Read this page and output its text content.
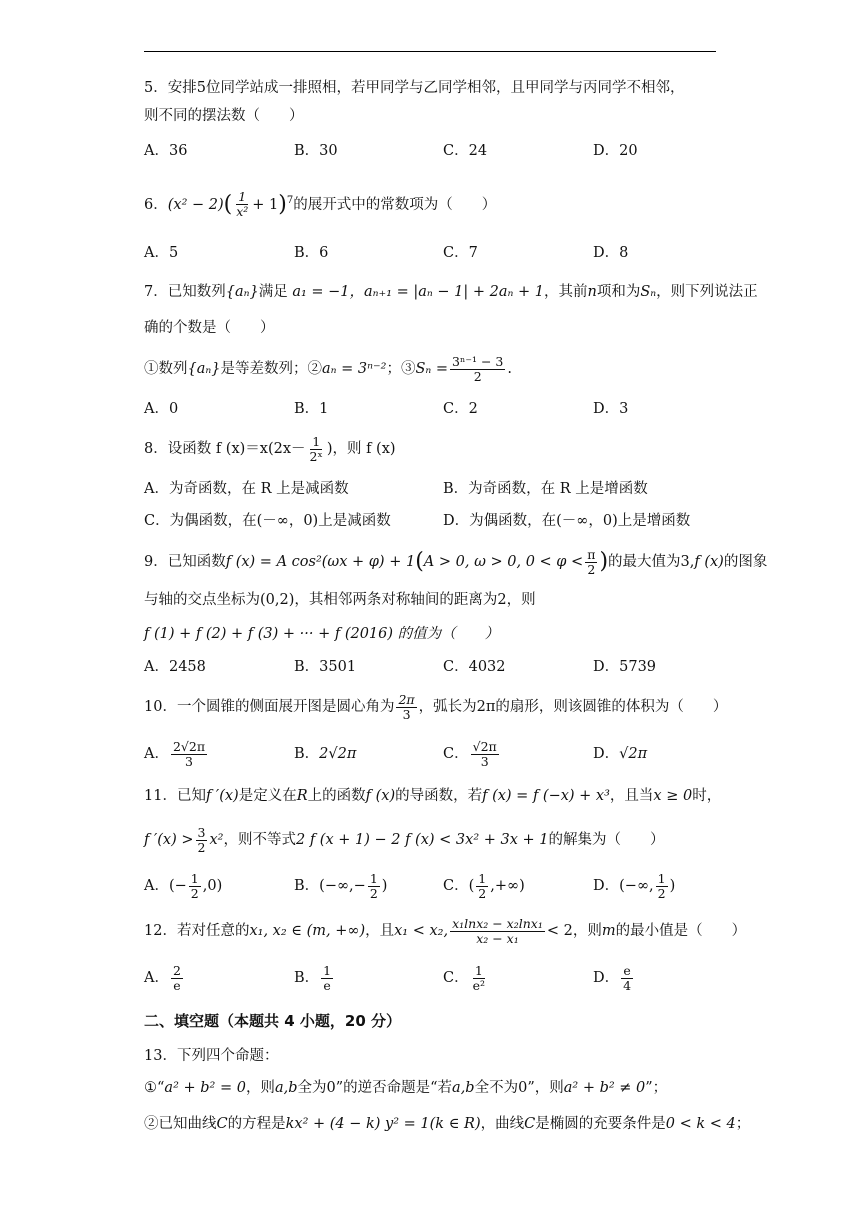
5．安排5位同学站成一排照相，若甲同学与乙同学相邻，且甲同学与丙同学不相邻，
则不同的摆法数（　　）
A．36	B．30	C．24	D．20
6．$(x^2 - 2)( \frac{1}{\text{x²}} + 1)^7$的展开式中的常数项为（　　）
A．5	B．6	C．7	D．8
7．已知数列{aₙ}满足 a₁ = −1，aₙ₊₁ = |aₙ − 1| + 2aₙ + 1，其前n项和为Sₙ，则下列说法正
确的个数是（　　）
①数列{aₙ}是等差数列；②aₙ = 3ⁿ⁻²；③Sₙ = $\frac{\text{3ⁿ⁻¹ − 3}}{2}$ .
A．0	B．1	C．2	D．3
8．设函数 f $(x)=x(2x- \frac{1}{\text{2ˣ}}$ )，则 f (x)
A．为奇函数，在 R 上是减函数	B．为奇函数，在 R 上是增函数
C．为偶函数，在(－∞，0)上是减函数	D．为偶函数，在(－∞，0)上是增函数
9．已知函数f (x) = A cos²(ωx + φ) + 1(A > 0, ω > 0, $0 < \varphi < \frac{\pi}{2}$ )的最大值为3,f (x)的图象
与轴的交点坐标为(0,2)，其相邻两条对称轴间的距离为2，则
f (1) + f (2) + f (3) + ··· + f (2016) 的值为（　　）
A．2458	B．3501	C．4032	D．5739
10．一个圆锥的侧面展开图是圆心角为 $\frac{2\pi}{3}$ ，弧长为2π的扇形，则该圆锥的体积为（　　）
A． $\frac{2√2\pi}{3}$	B．2√2π	C． $\frac{√2\pi}{3}$	D．√2π
11．已知f ′(x)是定义在R上的函数f (x)的导函数，若f (x) = f (−x) + x³，且当x ≥ 0时，
f $'(x) > \frac{3}{2} x^2$，则不等式2 f (x + 1) − 2 f (x) < 3x² + 3x + 1的解集为（　　）
A．(− $\frac{1}{2} ,0$)	B．(−∞,− $\frac{1}{2}$ )	C．( $\frac{1}{2}$ ,+∞)	D．(−∞, $\frac{1}{2}$ )
12．若对任意的x₁, x₂ ∈ (m, +∞)，且x₁ < x₂, $\frac{\text{x₁lnx₂ − x₂lnx₁}}{\text{x₂ − x₁}} < 2$，则m的最小值是（　　）
A． $\frac{2}{e}$	B． $\frac{1}{e}$	C． $\frac{1}{\text{e²}}$	D． $\frac{e}{4}$
二、填空题（本题共 4 小题，20 分）
13．下列四个命题：
①“a² + b² = 0，则a,b全为0”的逆否命题是“若a,b全不为0”，则a² + b² ≠ 0”；
②已知曲线C的方程是kx² + (4 − k) y² = 1(k ∈ R)，曲线C是椭圆的充要条件是0 < k < 4；
